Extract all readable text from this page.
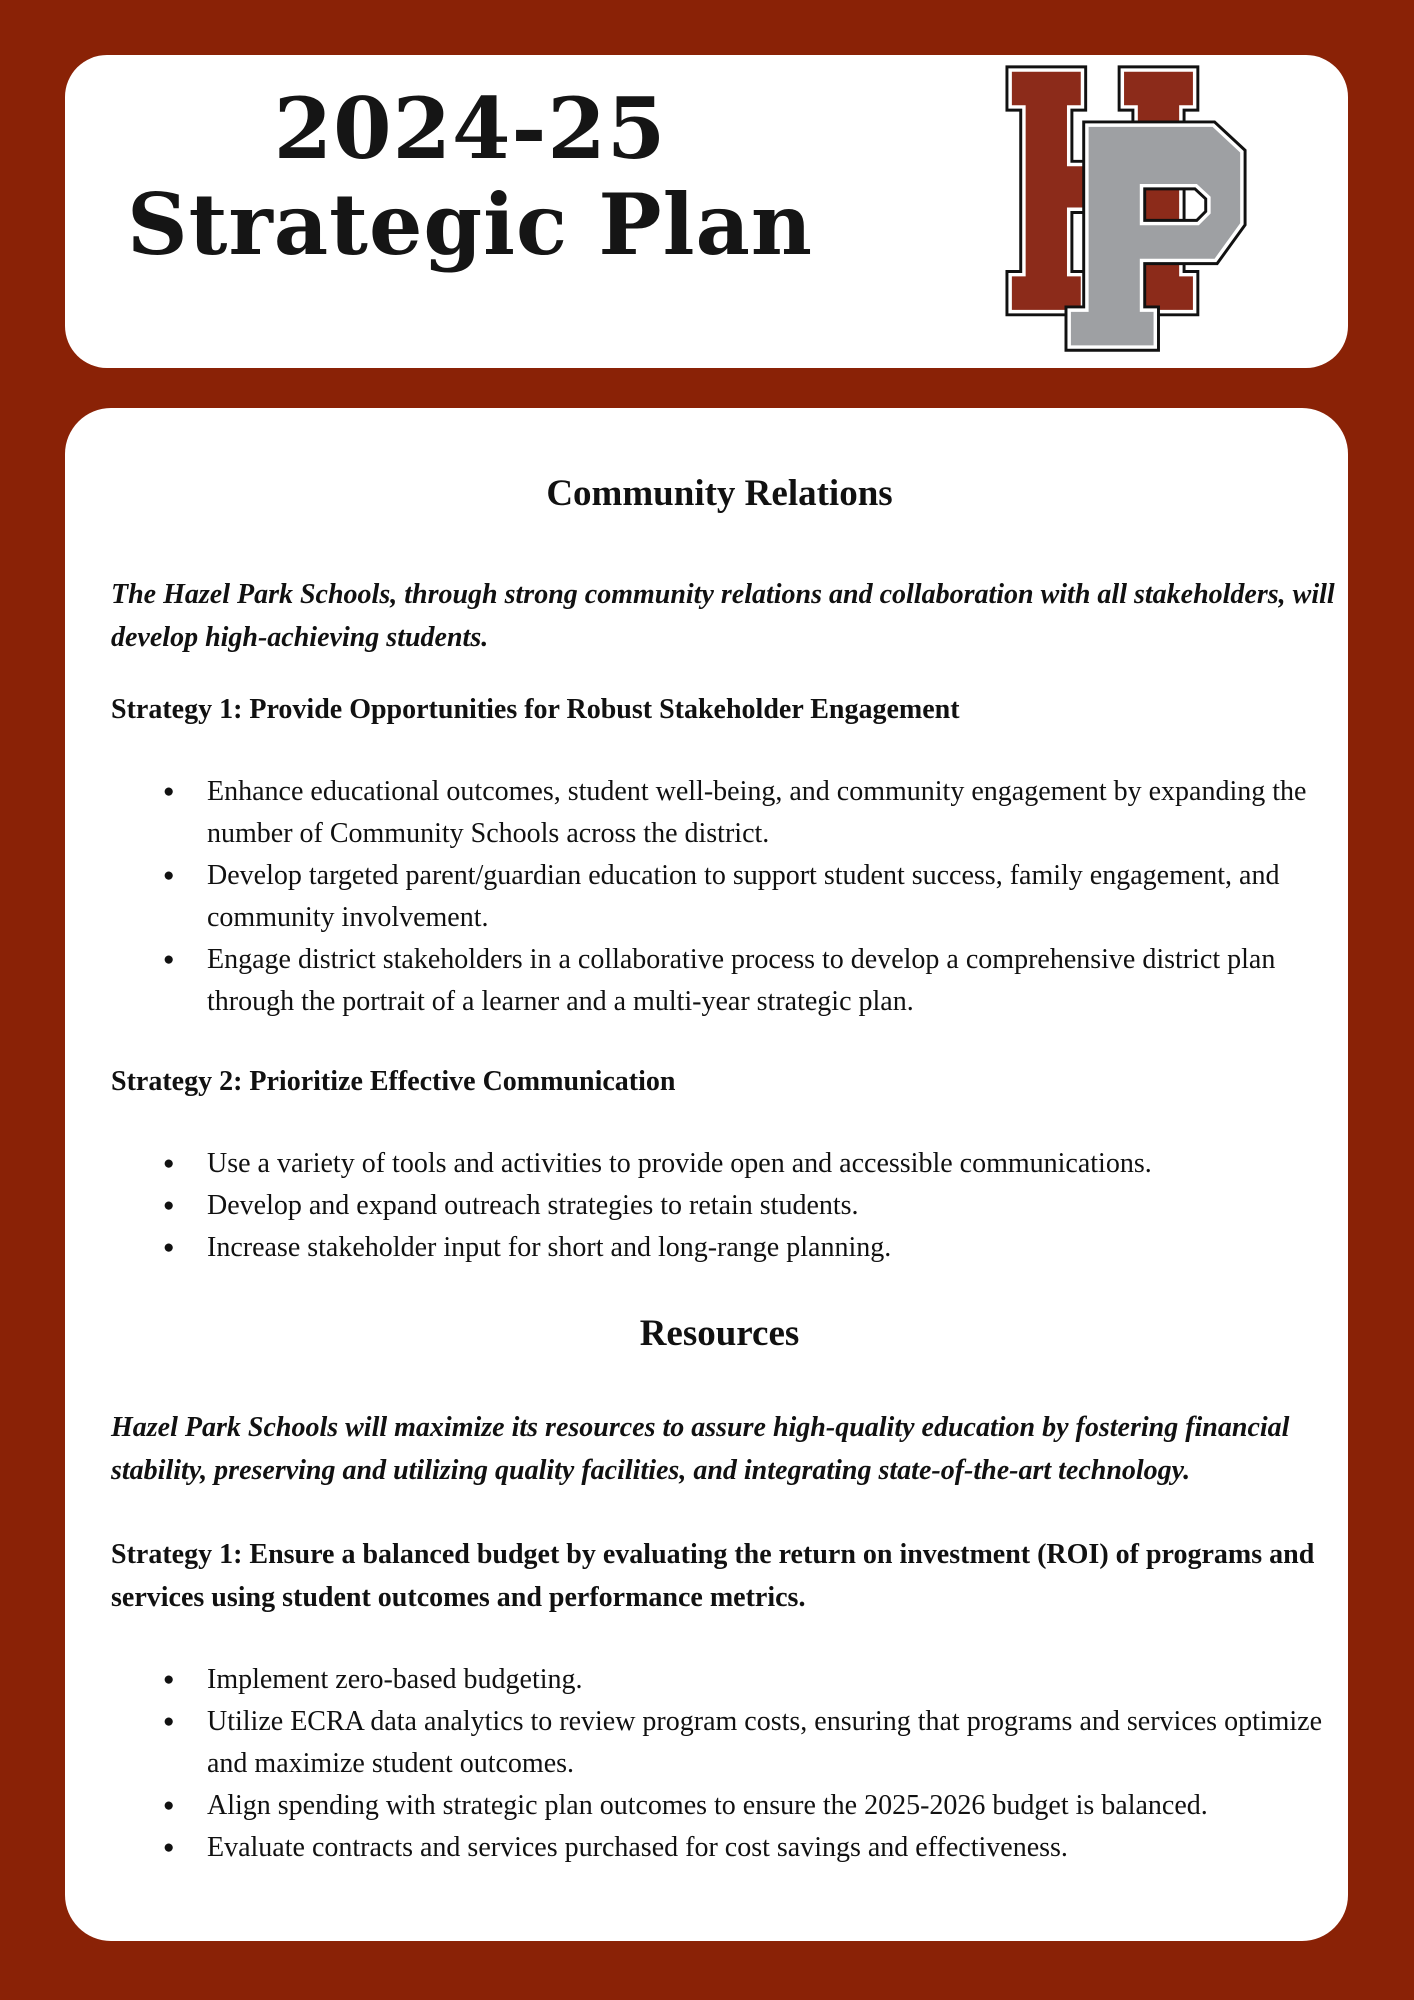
2024-25
Strategic Plan
Community Relations

The Hazel Park Schools, through strong community relations and collaboration with all stakeholders, will develop high-achieving students.

Strategy 1: Provide Opportunities for Robust Stakeholder Engagement

● Enhance educational outcomes, student well-being, and community engagement by expanding the number of Community Schools across the district.
● Develop targeted parent/guardian education to support student success, family engagement, and community involvement.
● Engage district stakeholders in a collaborative process to develop a comprehensive district plan through the portrait of a learner and a multi-year strategic plan.

Strategy 2: Prioritize Effective Communication

● Use a variety of tools and activities to provide open and accessible communications.
● Develop and expand outreach strategies to retain students.
● Increase stakeholder input for short and long-range planning.
Resources

Hazel Park Schools will maximize its resources to assure high-quality education by fostering financial stability, preserving and utilizing quality facilities, and integrating state-of-the-art technology.

Strategy 1: Ensure a balanced budget by evaluating the return on investment (ROI) of programs and services using student outcomes and performance metrics.

● Implement zero-based budgeting.
● Utilize ECRA data analytics to review program costs, ensuring that programs and services optimize and maximize student outcomes.
● Align spending with strategic plan outcomes to ensure the 2025-2026 budget is balanced.
● Evaluate contracts and services purchased for cost savings and effectiveness.
